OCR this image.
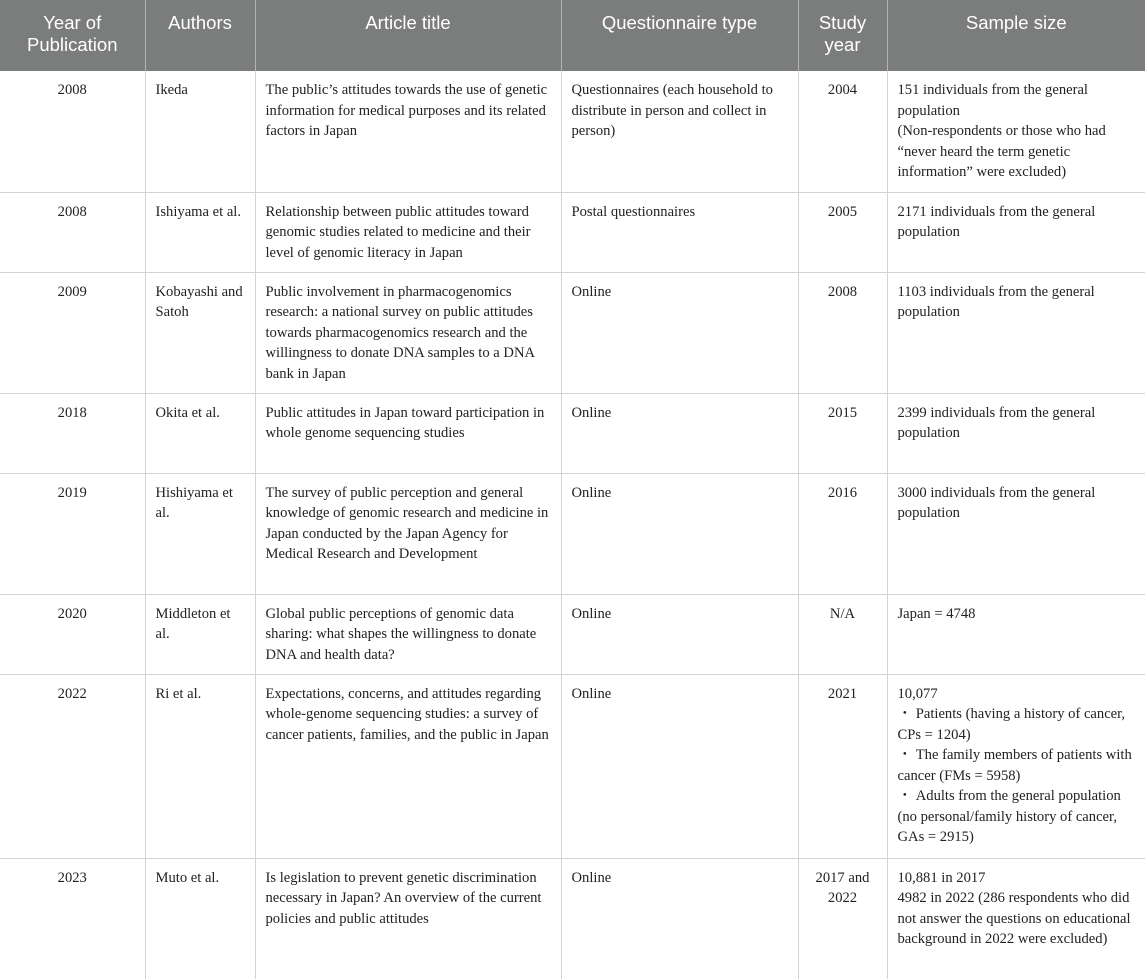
Year of Publication	Authors	Article title	Questionnaire type	Study year	Sample size
2008	Ikeda	The public’s attitudes towards the use of genetic information for medical purposes and its related factors in Japan	Questionnaires (each household to distribute in person and collect in person)	2004	151 individuals from the general population
(Non-respondents or those who had “never heard the term genetic information” were excluded)

2008	Ishiyama et al.	Relationship between public attitudes toward genomic studies related to medicine and their level of genomic literacy in Japan	Postal questionnaires	2005	2171 individuals from the general population

2009	Kobayashi and Satoh	Public involvement in pharmacogenomics research: a national survey on public attitudes towards pharmacogenomics research and the willingness to donate DNA samples to a DNA bank in Japan	Online	2008	1103 individuals from the general population

2018	Okita et al.	Public attitudes in Japan toward participation in whole genome sequencing studies	Online	2015	2399 individuals from the general population

2019	Hishiyama et al.	The survey of public perception and general knowledge of genomic research and medicine in Japan conducted by the Japan Agency for Medical Research and Development	Online	2016	3000 individuals from the general population

2020	Middleton et al.	Global public perceptions of genomic data sharing: what shapes the willingness to donate DNA and health data?	Online	N/A	Japan = 4748

2022	Ri et al.	Expectations, concerns, and attitudes regarding whole-genome sequencing studies: a survey of cancer patients, families, and the public in Japan	Online	2021	10,077
・ Patients (having a history of cancer, CPs = 1204)
・ The family members of patients with cancer (FMs = 5958)
・ Adults from the general population (no personal/family history of cancer, GAs = 2915)

2023	Muto et al.	Is legislation to prevent genetic discrimination necessary in Japan? An overview of the current policies and public attitudes	Online	2017 and 2022	10,881 in 2017
4982 in 2022 (286 respondents who did not answer the questions on educational background in 2022 were excluded)
